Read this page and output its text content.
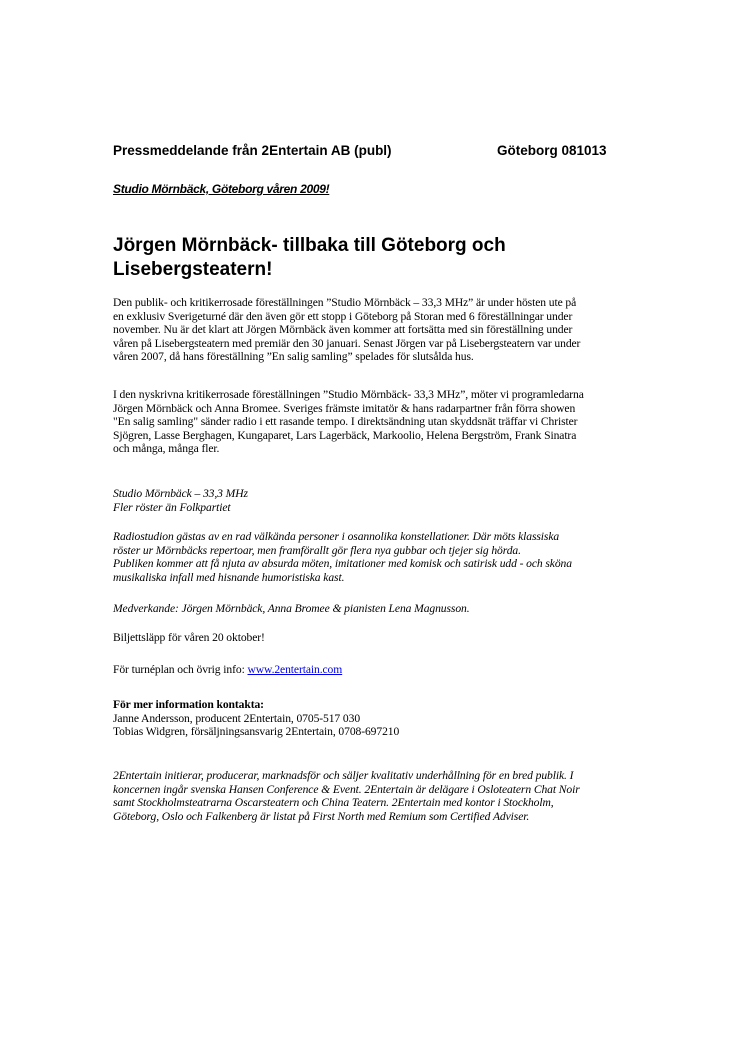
Pressmeddelande från 2Entertain AB (publ)	Göteborg 081013
Studio Mörnbäck, Göteborg våren 2009!
Jörgen Mörnbäck- tillbaka till Göteborg och
Lisebergsteatern!

Den publik- och kritikerrosade föreställningen ”Studio Mörnbäck – 33,3 MHz” är under hösten ute på
en exklusiv Sverigeturné där den även gör ett stopp i Göteborg på Storan med 6 föreställningar under
november. Nu är det klart att Jörgen Mörnbäck även kommer att fortsätta med sin föreställning under
våren på Lisebergsteatern med premiär den 30 januari. Senast Jörgen var på Lisebergsteatern var under
våren 2007, då hans föreställning ”En salig samling” spelades för slutsålda hus.

I den nyskrivna kritikerrosade föreställningen ”Studio Mörnbäck- 33,3 MHz”, möter vi programledarna
Jörgen Mörnbäck och Anna Bromee. Sveriges främste imitatör & hans radarpartner från förra showen
"En salig samling" sänder radio i ett rasande tempo. I direktsändning utan skyddsnät träffar vi Christer
Sjögren, Lasse Berghagen, Kungaparet, Lars Lagerbäck, Markoolio, Helena Bergström, Frank Sinatra
och många, många fler.

Studio Mörnbäck – 33,3 MHz
Fler röster än Folkpartiet

Radiostudion gästas av en rad välkända personer i osannolika konstellationer. Där möts klassiska
röster ur Mörnbäcks repertoar, men framförallt gör flera nya gubbar och tjejer sig hörda.
Publiken kommer att få njuta av absurda möten, imitationer med komisk och satirisk udd - och sköna
musikaliska infall med hisnande humoristiska kast.

Medverkande: Jörgen Mörnbäck, Anna Bromee & pianisten Lena Magnusson.

Biljettsläpp för våren 20 oktober!

För turnéplan och övrig info: www.2entertain.com

För mer information kontakta:
Janne Andersson, producent 2Entertain, 0705-517 030
Tobias Widgren, försäljningsansvarig 2Entertain, 0708-697210

2Entertain initierar, producerar, marknadsför och säljer kvalitativ underhållning för en bred publik. I
koncernen ingår svenska Hansen Conference & Event. 2Entertain är delägare i Osloteatern Chat Noir
samt Stockholmsteatrarna Oscarsteatern och China Teatern. 2Entertain med kontor i Stockholm,
Göteborg, Oslo och Falkenberg är listat på First North med Remium som Certified Adviser.
